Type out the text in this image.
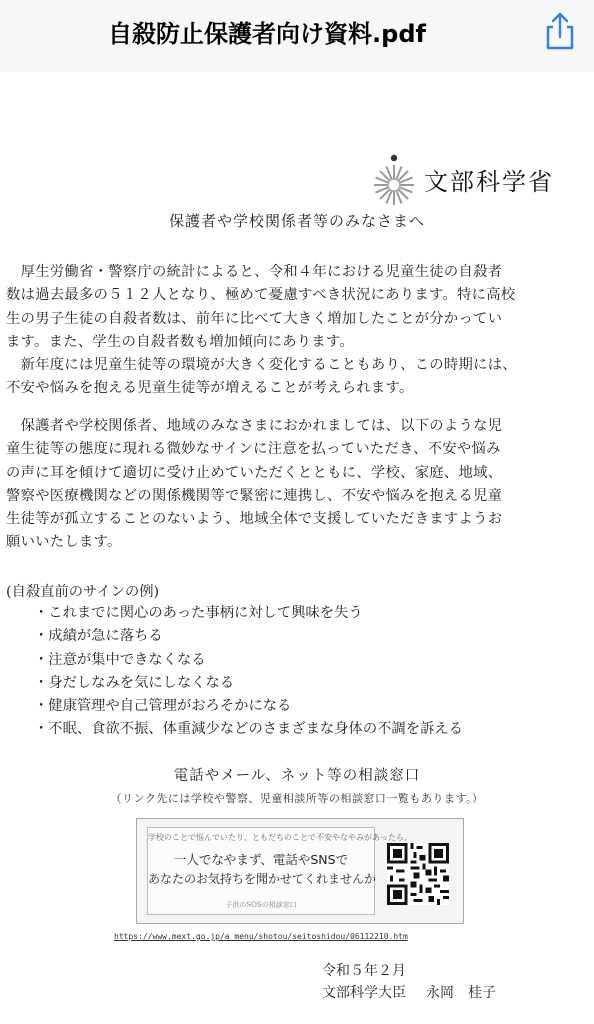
自殺防止保護者向け資料.pdf
文部科学省
保護者や学校関係者等のみなさまへ
　厚生労働省・警察庁の統計によると、令和４年における児童生徒の自殺者
数は過去最多の５１２人となり、極めて憂慮すべき状況にあります。特に高校
生の男子生徒の自殺者数は、前年に比べて大きく増加したことが分かってい
ます。また、学生の自殺者数も増加傾向にあります。
　新年度には児童生徒等の環境が大きく変化することもあり、この時期には、
不安や悩みを抱える児童生徒等が増えることが考えられます。
　保護者や学校関係者、地域のみなさまにおかれましては、以下のような児
童生徒等の態度に現れる微妙なサインに注意を払っていただき、不安や悩み
の声に耳を傾けて適切に受け止めていただくとともに、学校、家庭、地域、
警察や医療機関などの関係機関等で緊密に連携し、不安や悩みを抱える児童
生徒等が孤立することのないよう、地域全体で支援していただきますようお
願いいたします。
(自殺直前のサインの例)
・これまでに関心のあった事柄に対して興味を失う
・成績が急に落ちる
・注意が集中できなくなる
・身だしなみを気にしなくなる
・健康管理や自己管理がおろそかになる
・不眠、食欲不振、体重減少などのさまざまな身体の不調を訴える
電話やメール、ネット等の相談窓口
（リンク先には学校や警察、児童相談所等の相談窓口一覧もあります。）
学校のことで悩んでいたり、ともだちのことで不安やなやみがあったら、
一人でなやまず、電話やSNSで
あなたのお気持ちを聞かせてくれませんか
子供のSOSの相談窓口
https://www.mext.go.jp/a_menu/shotou/seitoshidou/06112210.htm
令和５年２月
文部科学大臣 永岡　桂子
